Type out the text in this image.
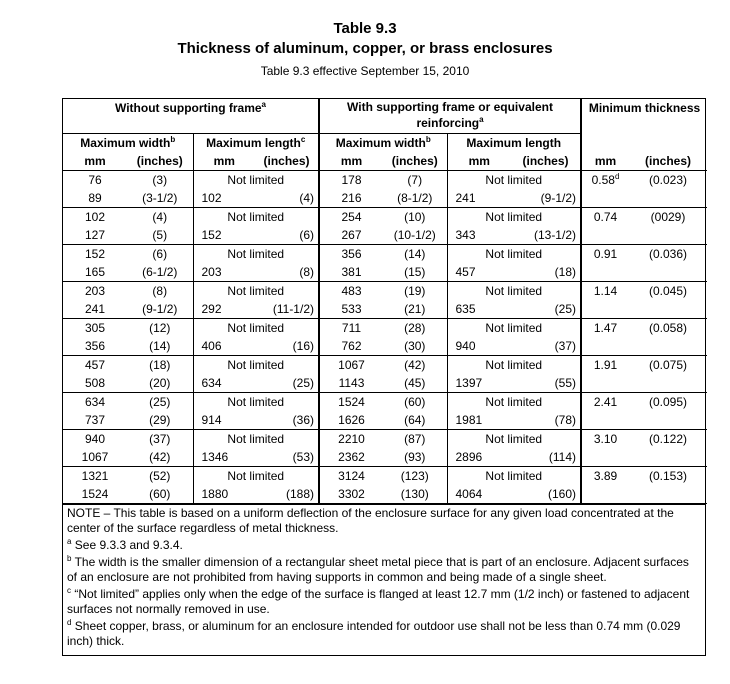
Table 9.3
Thickness of aluminum, copper, or brass enclosures
Table 9.3 effective September 15, 2010
Without supporting frame$^a$				With supporting frame or equivalent reinforcing$^a$				Minimum thickness	
Maximum width$^b$		Maximum length$^c$		Maximum width$^b$		Maximum length			
mm	(inches)	mm	(inches)	mm	(inches)	mm	(inches)	mm	(inches)
76	(3)	Not limited		178	(7)	Not limited		0.58$^d$	(0.023)
89	(3-1/2)	102	(4)	216	(8-1/2)	241	(9-1/2)		
102	(4)	Not limited		254	(10)	Not limited		0.74	(0029)
127	(5)	152	(6)	267	(10-1/2)	343	(13-1/2)		
152	(6)	Not limited		356	(14)	Not limited		0.91	(0.036)
165	(6-1/2)	203	(8)	381	(15)	457	(18)		
203	(8)	Not limited		483	(19)	Not limited		1.14	(0.045)
241	(9-1/2)	292	(11-1/2)	533	(21)	635	(25)		
305	(12)	Not limited		711	(28)	Not limited		1.47	(0.058)
356	(14)	406	(16)	762	(30)	940	(37)		
457	(18)	Not limited		1067	(42)	Not limited		1.91	(0.075)
508	(20)	634	(25)	1143	(45)	1397	(55)		
634	(25)	Not limited		1524	(60)	Not limited		2.41	(0.095)
737	(29)	914	(36)	1626	(64)	1981	(78)		
940	(37)	Not limited		2210	(87)	Not limited		3.10	(0.122)
1067	(42)	1346	(53)	2362	(93)	2896	(114)		
1321	(52)	Not limited		3124	(123)	Not limited		3.89	(0.153)
1524	(60)	1880	(188)	3302	(130)	4064	(160)		
NOTE – This table is based on a uniform deflection of the enclosure surface for any given load concentrated at the center of the surface regardless of metal thickness.
$^a$ See 9.3.3 and 9.3.4.
$^b$ The width is the smaller dimension of a rectangular sheet metal piece that is part of an enclosure. Adjacent surfaces of an enclosure are not prohibited from having supports in common and being made of a single sheet.
$^c$ “Not limited” applies only when the edge of the surface is flanged at least 12.7 mm (1/2 inch) or fastened to adjacent surfaces not normally removed in use.
$^d$ Sheet copper, brass, or aluminum for an enclosure intended for outdoor use shall not be less than 0.74 mm (0.029 inch) thick.
